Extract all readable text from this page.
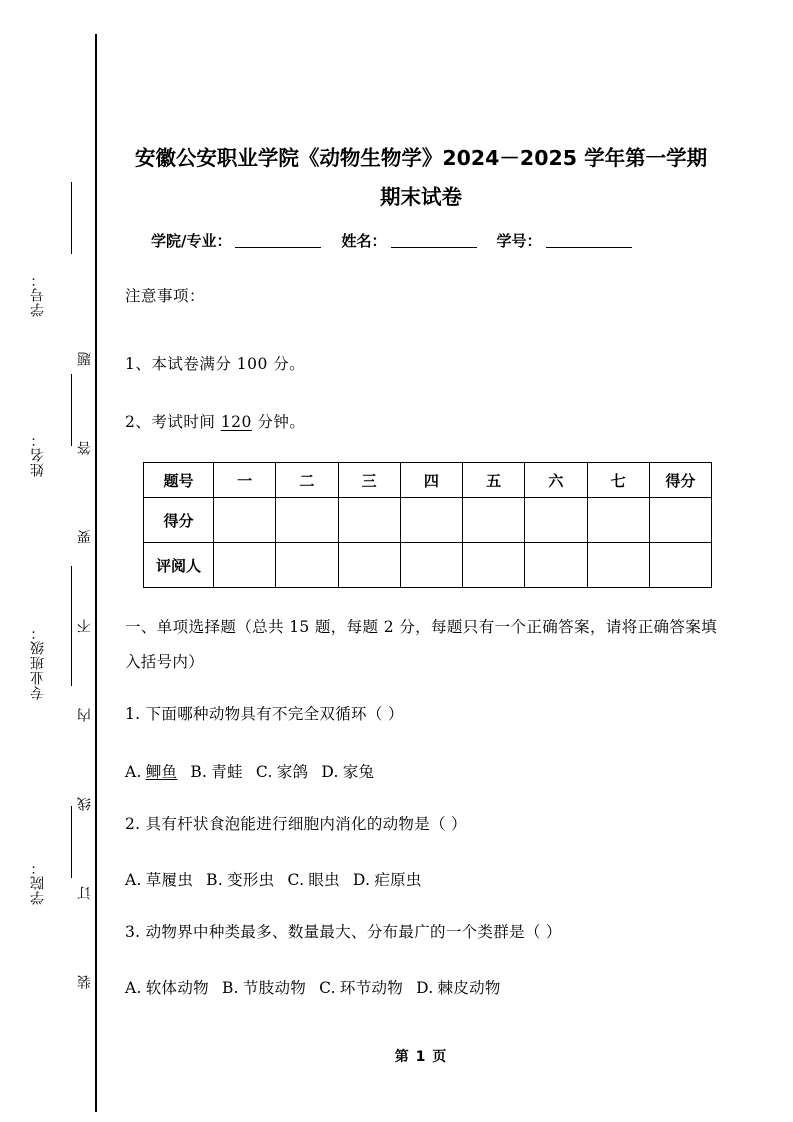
学号：
姓名：
专业班级：
学院：
题
答
要
不
内
线
订
装
安徽公安职业学院《动物生物学》2024－2025 学年第一学期期末试卷
学院/专业：	姓名：	学号：
注意事项：
1、本试卷满分 100 分。
2、考试时间 120 分钟。
题号	一	二	三	四	五	六	七	得分
得分								
评阅人								
一、单项选择题（总共 15 题，每题 2 分，每题只有一个正确答案，请将正确答案填入括号内）
1. 下面哪种动物具有不完全双循环（ ）
A. 鲫鱼 B. 青蛙 C. 家鸽 D. 家兔
2. 具有杆状食泡能进行细胞内消化的动物是（ ）
A. 草履虫 B. 变形虫 C. 眼虫 D. 疟原虫
3. 动物界中种类最多、数量最大、分布最广的一个类群是（ ）
A. 软体动物 B. 节肢动物 C. 环节动物 D. 棘皮动物
第 1 页
